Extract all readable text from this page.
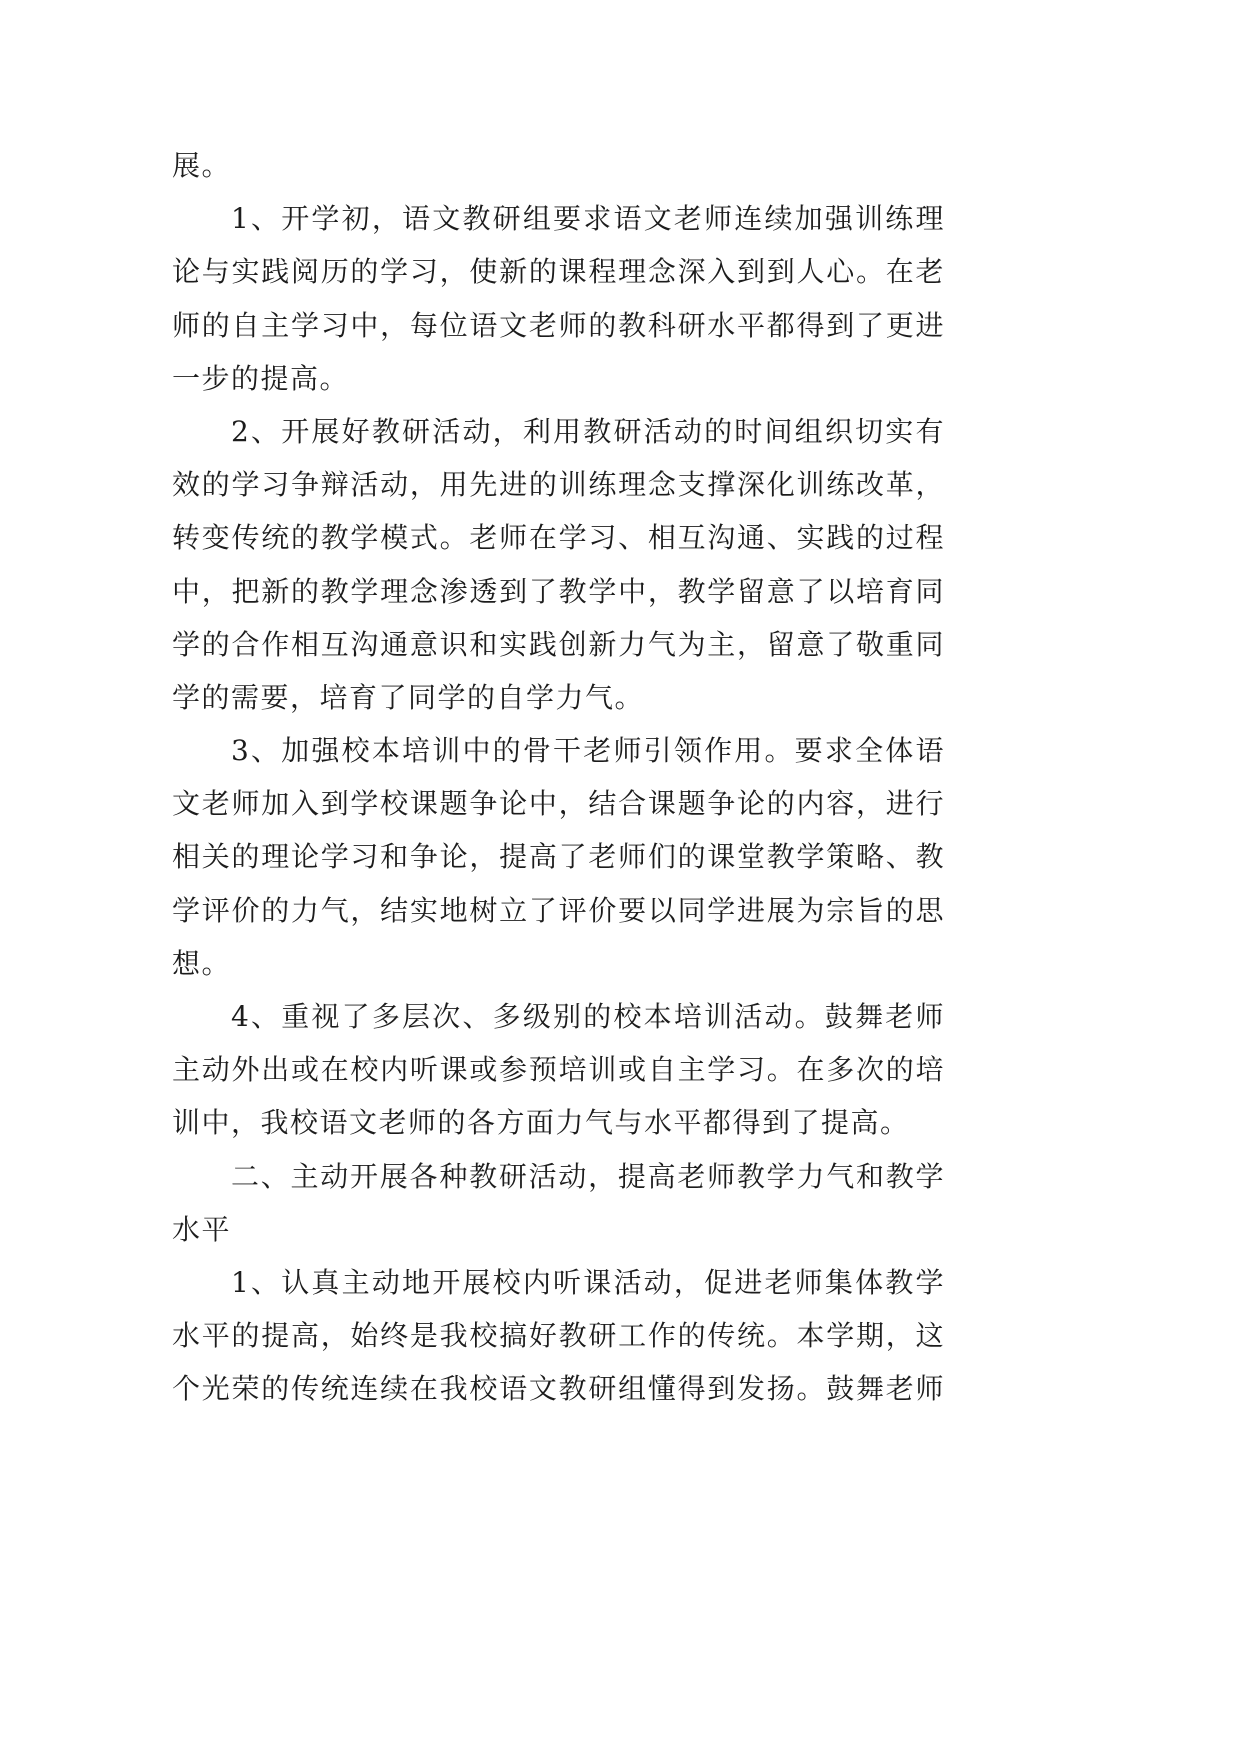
展。
1、开学初，语文教研组要求语文老师连续加强训练理
论与实践阅历的学习，使新的课程理念深入到到人心。在老
师的自主学习中，每位语文老师的教科研水平都得到了更进
一步的提高。
2、开展好教研活动，利用教研活动的时间组织切实有
效的学习争辩活动，用先进的训练理念支撑深化训练改革，
转变传统的教学模式。老师在学习、相互沟通、实践的过程
中，把新的教学理念渗透到了教学中，教学留意了以培育同
学的合作相互沟通意识和实践创新力气为主，留意了敬重同
学的需要，培育了同学的自学力气。
3、加强校本培训中的骨干老师引领作用。要求全体语
文老师加入到学校课题争论中，结合课题争论的内容，进行
相关的理论学习和争论，提高了老师们的课堂教学策略、教
学评价的力气，结实地树立了评价要以同学进展为宗旨的思
想。
4、重视了多层次、多级别的校本培训活动。鼓舞老师
主动外出或在校内听课或参预培训或自主学习。在多次的培
训中，我校语文老师的各方面力气与水平都得到了提高。
二、主动开展各种教研活动，提高老师教学力气和教学
水平
1、认真主动地开展校内听课活动，促进老师集体教学
水平的提高，始终是我校搞好教研工作的传统。本学期，这
个光荣的传统连续在我校语文教研组懂得到发扬。鼓舞老师
